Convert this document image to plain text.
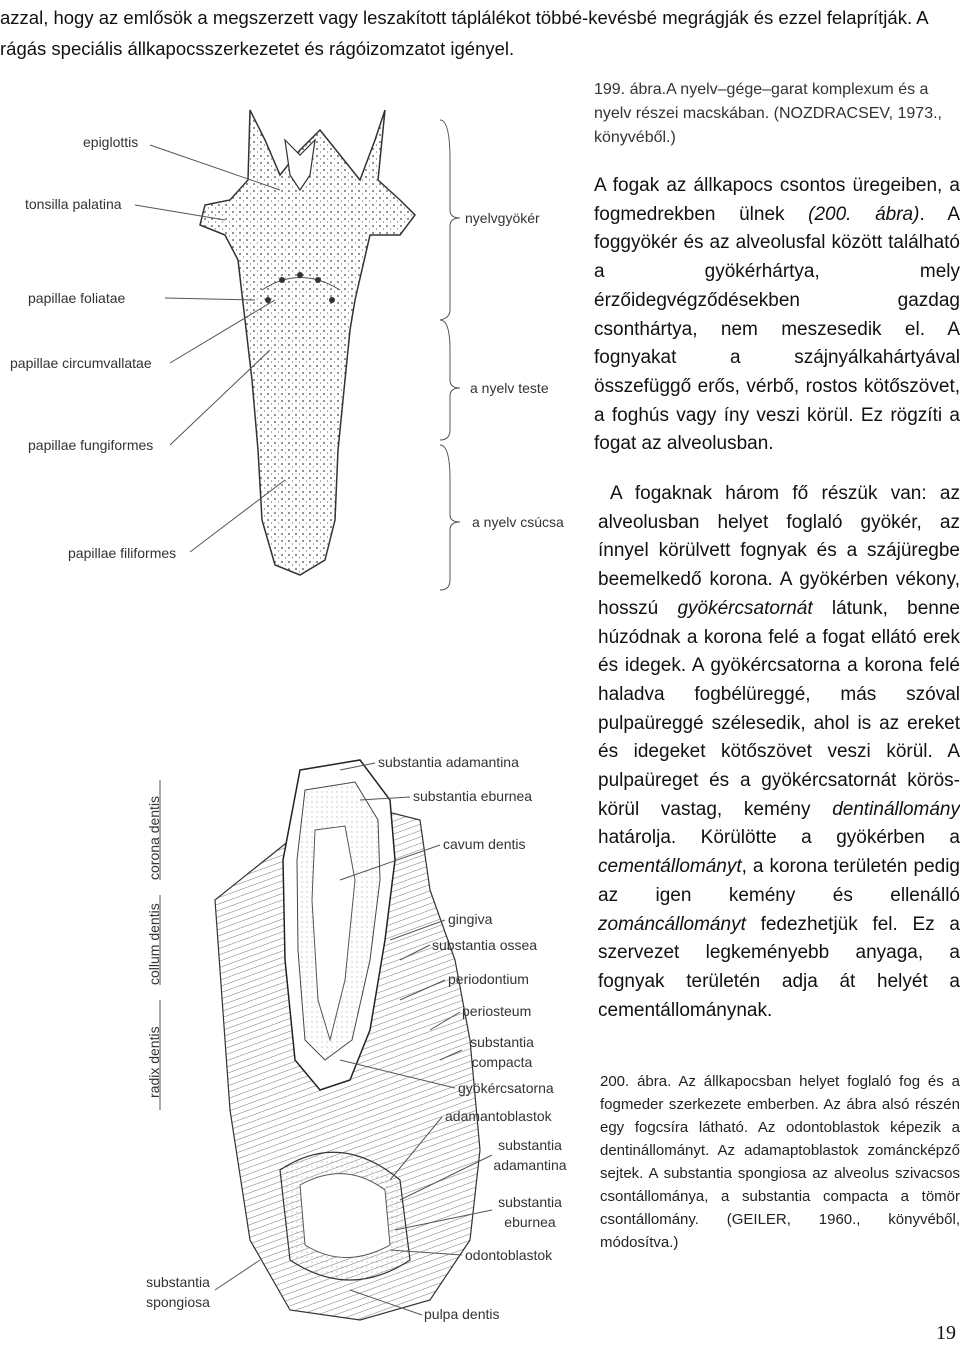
azzal, hogy az emlősök a megszerzett vagy leszakított táplálékot többé-kevésbé megrágják és ezzel felaprítják. A rágás speciális állkapocsszerkezetet és rágóizomzatot igényel.
199. ábra.A nyelv–gége–garat komplexum és a nyelv részei macskában. (NOZDRACSEV, 1973., könyvéből.)
epiglottis
tonsilla palatina
papillae foliatae
papillae circumvallatae
papillae fungiformes
papillae filiformes
nyelvgyökér
a nyelv teste
a nyelv csúcsa

A fogak az állkapocs csontos üregeiben, a fogmedrekben ülnek (200. ábra). A foggyökér és az alveolusfal között található a gyökérhártya, mely érzőidegvégződésekben gazdag csonthártya, nem meszesedik el. A fognyakat a szájnyálkahártyával összefüggő erős, vérbő, rostos kötőszövet, a foghús vagy íny veszi körül. Ez rögzíti a fogat az alveolusban.

A fogaknak három fő részük van: az alveolusban helyet foglaló gyökér, az ínnyel körülvett fognyak és a szájüregbe beemelkedő korona. A gyökérben vékony, hosszú gyökércsatornát látunk, benne húzódnak a korona felé a fogat ellátó erek és idegek. A gyökércsatorna a korona felé haladva fogbélüreggé, más szóval pulpaüreggé szélesedik, ahol is az ereket és idegeket kötőszövet veszi körül. A pulpaüreget és a gyökércsatornát körös-körül vastag, kemény dentinállomány határolja. Körülötte a gyökérben a cementállományt, a korona területén pedig az igen kemény és ellenálló zománcállományt fedezhetjük fel. Ez a szervezet legkeményebb anyaga, a fognyak területén adja át helyét a cementállománynak.
substantia adamantina
substantia eburnea
cavum dentis
gingiva
substantia ossea
periodontium
periosteum
substantia compacta
gyökércsatorna
adamantoblastok
substantia adamantina
substantia eburnea
odontoblastok
substantia spongiosa
pulpa dentis
corona dentis
collum dentis
radix dentis	200. ábra. Az állkapocsban helyet foglaló fog és a fogmeder szerkezete emberben. Az ábra alsó részén egy fogcsíra látható. Az odontoblastok képezik a dentinállományt. Az adamaptoblastok zománcképző sejtek. A substantia spongiosa az alveolus szivacsos csontállománya, a substantia compacta a tömör csontállomány. (GEILER, 1960., könyvéből, módosítva.)
19
